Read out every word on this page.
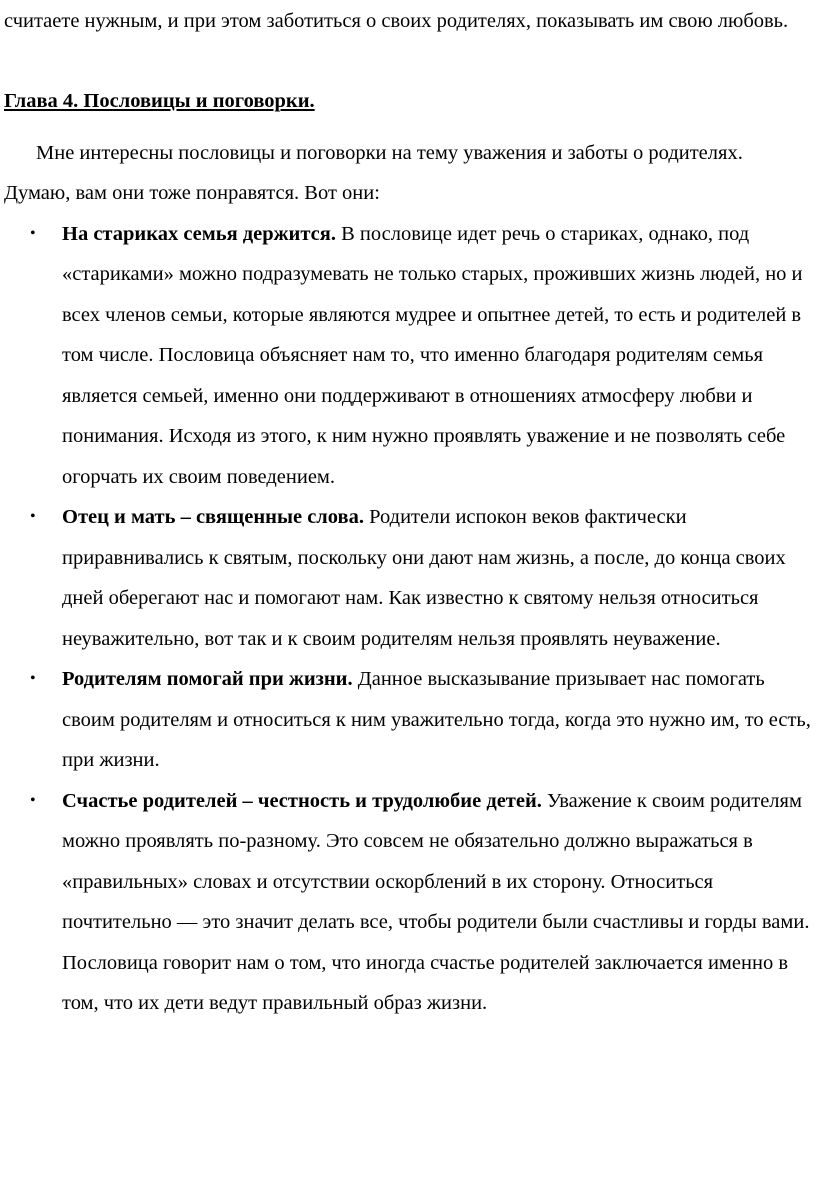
считаете нужным, и при этом заботиться о своих родителях, показывать им свою любовь.

Глава 4. Пословицы и поговорки.

Мне интересны пословицы и поговорки на тему уважения и заботы о родителях. Думаю, вам они тоже понравятся. Вот они:

• На стариках семья держится. В пословице идет речь о стариках, однако, под «стариками» можно подразумевать не только старых, проживших жизнь людей, но и всех членов семьи, которые являются мудрее и опытнее детей, то есть и родителей в том числе. Пословица объясняет нам то, что именно благодаря родителям семья является семьей, именно они поддерживают в отношениях атмосферу любви и понимания. Исходя из этого, к ним нужно проявлять уважение и не позволять себе огорчать их своим поведением.
• Отец и мать – священные слова. Родители испокон веков фактически приравнивались к святым, поскольку они дают нам жизнь, а после, до конца своих дней оберегают нас и помогают нам. Как известно к святому нельзя относиться неуважительно, вот так и к своим родителям нельзя проявлять неуважение.
• Родителям помогай при жизни. Данное высказывание призывает нас помогать своим родителям и относиться к ним уважительно тогда, когда это нужно им, то есть, при жизни.
• Счастье родителей – честность и трудолюбие детей. Уважение к своим родителям можно проявлять по-разному. Это совсем не обязательно должно выражаться в «правильных» словах и отсутствии оскорблений в их сторону. Относиться почтительно — это значит делать все, чтобы родители были счастливы и горды вами. Пословица говорит нам о том, что иногда счастье родителей заключается именно в том, что их дети ведут правильный образ жизни.
